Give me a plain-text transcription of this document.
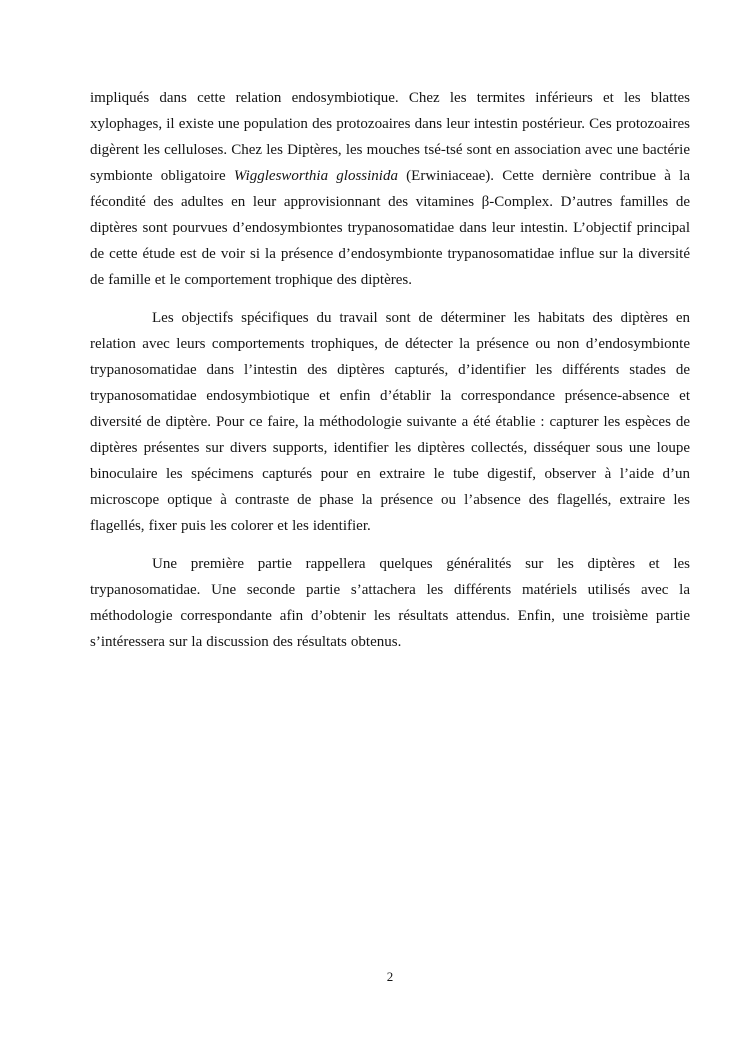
impliqués dans cette relation endosymbiotique. Chez les termites inférieurs et les blattes xylophages, il existe une population des protozoaires dans leur intestin postérieur. Ces protozoaires digèrent les celluloses. Chez les Diptères, les mouches tsé-tsé sont en association avec une bactérie symbionte obligatoire Wigglesworthia glossinida (Erwiniaceae). Cette dernière contribue à la fécondité des adultes en leur approvisionnant des vitamines β-Complex. D’autres familles de diptères sont pourvues d’endosymbiontes trypanosomatidae dans leur intestin. L’objectif principal de cette étude est de voir si la présence d’endosymbionte trypanosomatidae influe sur la diversité de famille et le comportement trophique des diptères.

Les objectifs spécifiques du travail sont de déterminer les habitats des diptères en relation avec leurs comportements trophiques, de détecter la présence ou non d’endosymbionte trypanosomatidae dans l’intestin des diptères capturés, d’identifier les différents stades de trypanosomatidae endosymbiotique et enfin d’établir la correspondance présence-absence et diversité de diptère. Pour ce faire, la méthodologie suivante a été établie : capturer les espèces de diptères présentes sur divers supports, identifier les diptères collectés, disséquer sous une loupe binoculaire les spécimens capturés pour en extraire le tube digestif, observer à l’aide d’un microscope optique à contraste de phase la présence ou l’absence des flagellés, extraire les flagellés, fixer puis les colorer et les identifier.

Une première partie rappellera quelques généralités sur les diptères et les trypanosomatidae. Une seconde partie s’attachera les différents matériels utilisés avec la méthodologie correspondante afin d’obtenir les résultats attendus. Enfin, une troisième partie s’intéressera sur la discussion des résultats obtenus.

2
